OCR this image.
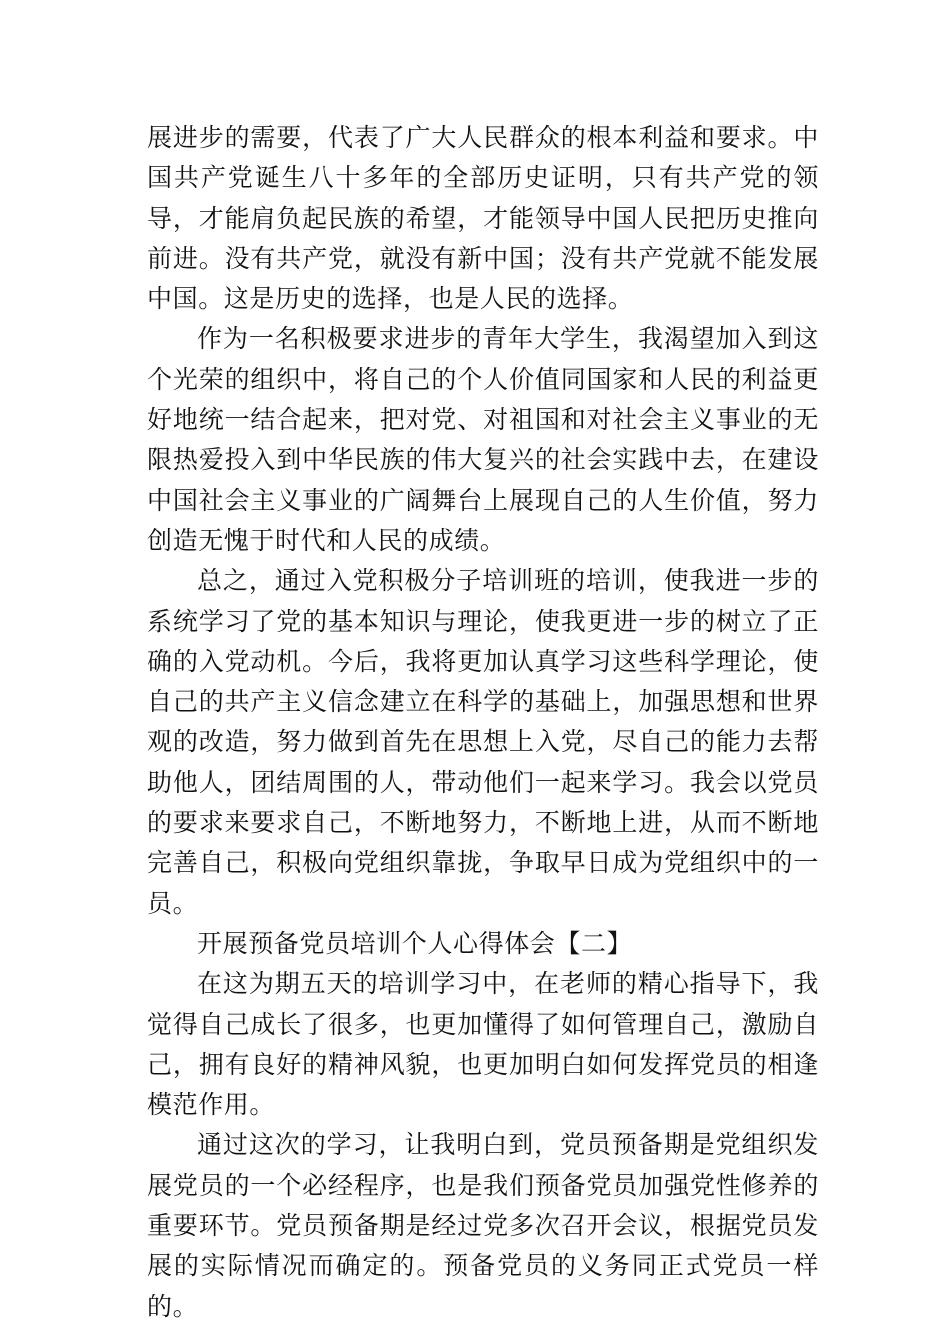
展进步的需要，代表了广大人民群众的根本利益和要求。中国共产党诞生八十多年的全部历史证明，只有共产党的领导，才能肩负起民族的希望，才能领导中国人民把历史推向前进。没有共产党，就没有新中国；没有共产党就不能发展中国。这是历史的选择，也是人民的选择。

作为一名积极要求进步的青年大学生，我渴望加入到这个光荣的组织中，将自己的个人价值同国家和人民的利益更好地统一结合起来，把对党、对祖国和对社会主义事业的无限热爱投入到中华民族的伟大复兴的社会实践中去，在建设中国社会主义事业的广阔舞台上展现自己的人生价值，努力创造无愧于时代和人民的成绩。

总之，通过入党积极分子培训班的培训，使我进一步的系统学习了党的基本知识与理论，使我更进一步的树立了正确的入党动机。今后，我将更加认真学习这些科学理论，使自己的共产主义信念建立在科学的基础上，加强思想和世界观的改造，努力做到首先在思想上入党，尽自己的能力去帮助他人，团结周围的人，带动他们一起来学习。我会以党员的要求来要求自己，不断地努力，不断地上进，从而不断地完善自己，积极向党组织靠拢，争取早日成为党组织中的一员。

开展预备党员培训个人心得体会【二】

在这为期五天的培训学习中，在老师的精心指导下，我觉得自己成长了很多，也更加懂得了如何管理自己，激励自己，拥有良好的精神风貌，也更加明白如何发挥党员的相逢模范作用。

通过这次的学习，让我明白到，党员预备期是党组织发展党员的一个必经程序，也是我们预备党员加强党性修养的重要环节。党员预备期是经过党多次召开会议，根据党员发展的实际情况而确定的。预备党员的义务同正式党员一样的。
